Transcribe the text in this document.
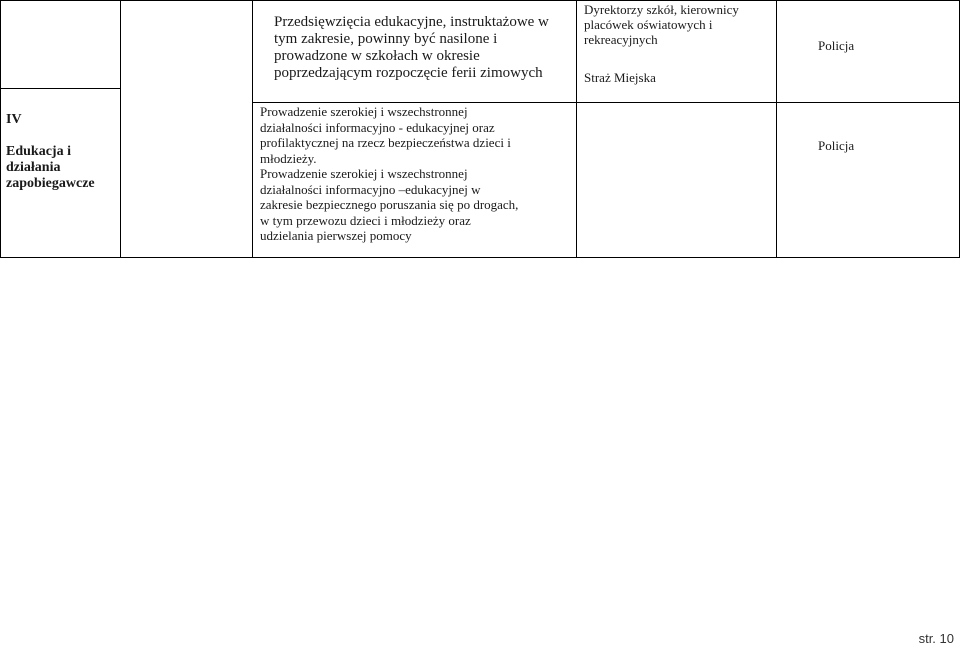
IV

Edukacja i
działania
zapobiegawcze

Przedsięwzięcia edukacyjne, instruktażowe w
tym zakresie, powinny być nasilone i
prowadzone w szkołach w okresie
poprzedzającym rozpoczęcie ferii zimowych
Dyrektorzy szkół, kierownicy
placówek oświatowych i
rekreacyjnych
Straż Miejska
Policja
Prowadzenie szerokiej i wszechstronnej
działalności informacyjno - edukacyjnej oraz
profilaktycznej na rzecz bezpieczeństwa dzieci i
młodzieży.
Prowadzenie szerokiej i wszechstronnej
działalności informacyjno –edukacyjnej w
zakresie bezpiecznego poruszania się po drogach,
w tym przewozu dzieci i młodzieży oraz
udzielania pierwszej pomocy
Policja
str. 10
